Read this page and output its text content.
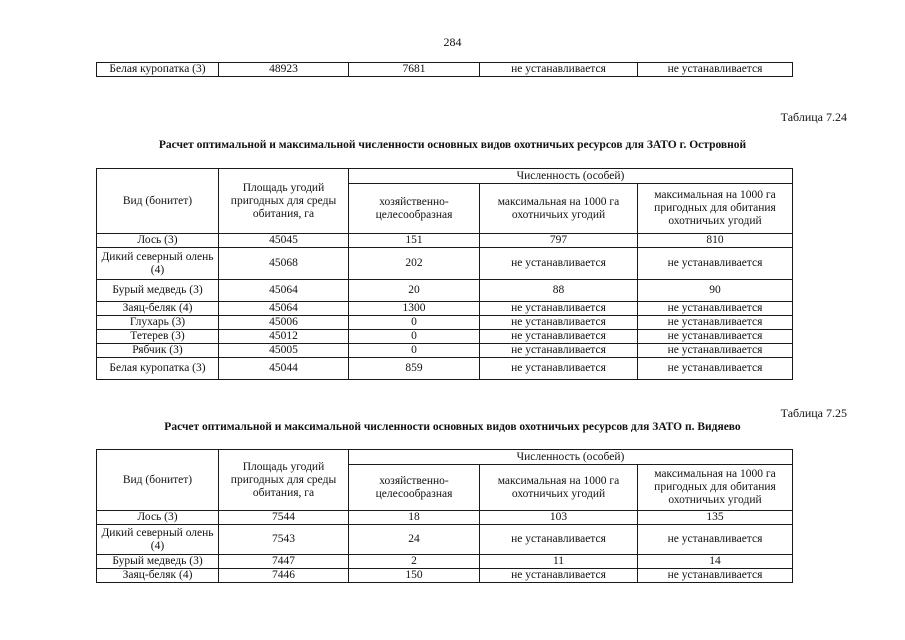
284
Белая куропатка (3)	48923	7681	не устанавливается	не устанавливается
Таблица 7.24
Расчет оптимальной и максимальной численности основных видов охотничьих ресурсов для ЗАТО г. Островной
Вид (бонитет)	Площадь угодий пригодных для среды обитания, га	Численность (особей)		
		хозяйственно-целесообразная	максимальная на 1000 га охотничьих угодий	максимальная на 1000 га пригодных для обитания охотничьих угодий
Лось (3)	45045	151	797	810
Дикий северный олень (4)	45068	202	не устанавливается	не устанавливается
Бурый медведь (3)	45064	20	88	90
Заяц-беляк (4)	45064	1300	не устанавливается	не устанавливается
Глухарь (3)	45006	0	не устанавливается	не устанавливается
Тетерев (3)	45012	0	не устанавливается	не устанавливается
Рябчик (3)	45005	0	не устанавливается	не устанавливается
Белая куропатка (3)	45044	859	не устанавливается	не устанавливается
Таблица 7.25
Расчет оптимальной и максимальной численности основных видов охотничьих ресурсов для ЗАТО п. Видяево
Вид (бонитет)	Площадь угодий пригодных для среды обитания, га	Численность (особей)		
		хозяйственно-целесообразная	максимальная на 1000 га охотничьих угодий	максимальная на 1000 га пригодных для обитания охотничьих угодий
Лось (3)	7544	18	103	135
Дикий северный олень (4)	7543	24	не устанавливается	не устанавливается
Бурый медведь (3)	7447	2	11	14
Заяц-беляк (4)	7446	150	не устанавливается	не устанавливается
